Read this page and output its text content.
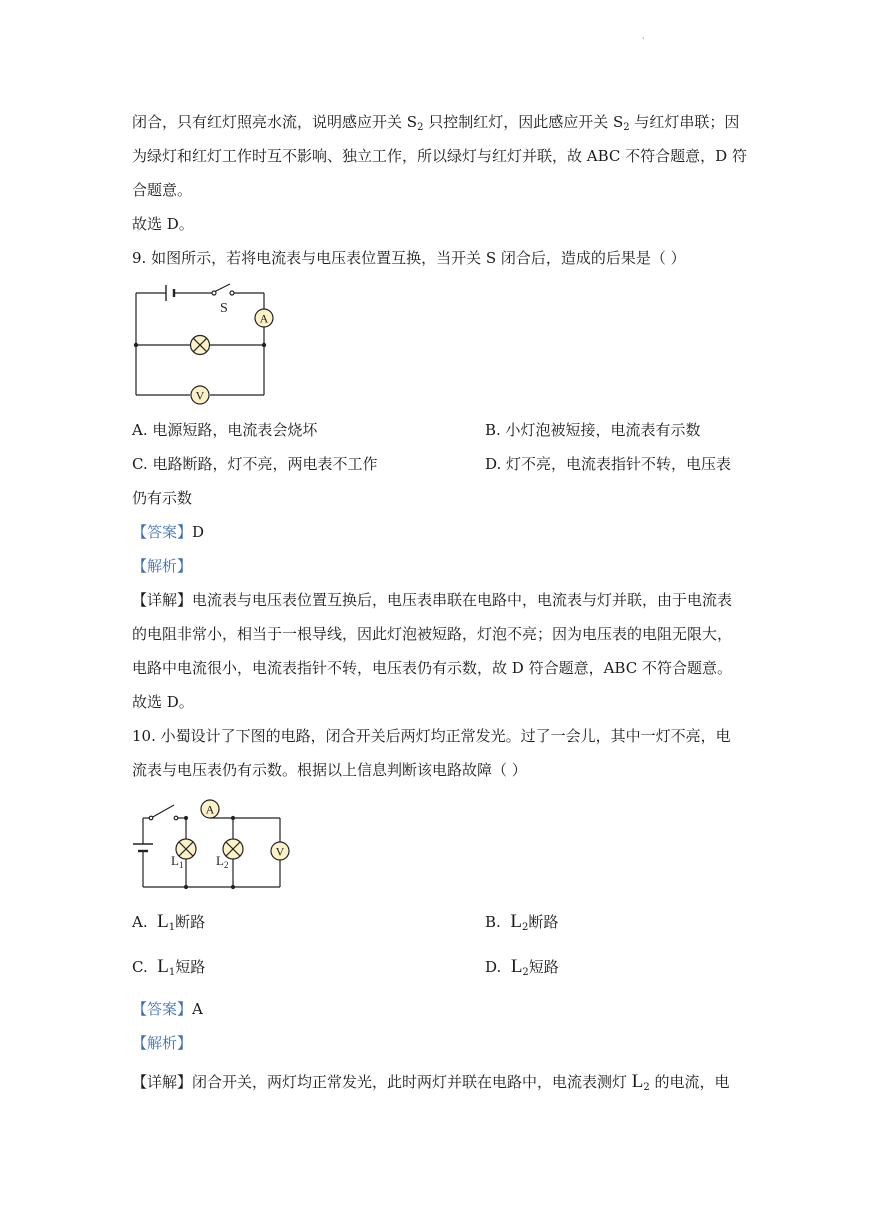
·
闭合，只有红灯照亮水流，说明感应开关 $S_2$ 只控制红灯，因此感应开关 $S_2$ 与红灯串联；因
为绿灯和红灯工作时互不影响、独立工作，所以绿灯与红灯并联，故 ABC 不符合题意，D 符
合题意。
故选 D。
9. 如图所示，若将电流表与电压表位置互换，当开关 S 闭合后，造成的后果是（ ）
A
V
S
A. 电源短路，电流表会烧坏	B. 小灯泡被短接，电流表有示数
C. 电路断路，灯不亮，两电表不工作	D. 灯不亮，电流表指针不转，电压表
仍有示数
【答案】D
【解析】
【详解】电流表与电压表位置互换后，电压表串联在电路中，电流表与灯并联，由于电流表
的电阻非常小，相当于一根导线，因此灯泡被短路，灯泡不亮；因为电压表的电阻无限大，
电路中电流很小，电流表指针不转，电压表仍有示数，故 D 符合题意，ABC 不符合题意。
故选 D。
10. 小蜀设计了下图的电路，闭合开关后两灯均正常发光。过了一会儿，其中一灯不亮，电
流表与电压表仍有示数。根据以上信息判断该电路故障（ ）
A
V
$L_1$	$L_2$
A. $L_1$断路	B. $L_2$断路
C. $L_1$短路	D. $L_2$短路
【答案】A
【解析】
【详解】闭合开关，两灯均正常发光，此时两灯并联在电路中，电流表测灯 $L_2$ 的电流，电
